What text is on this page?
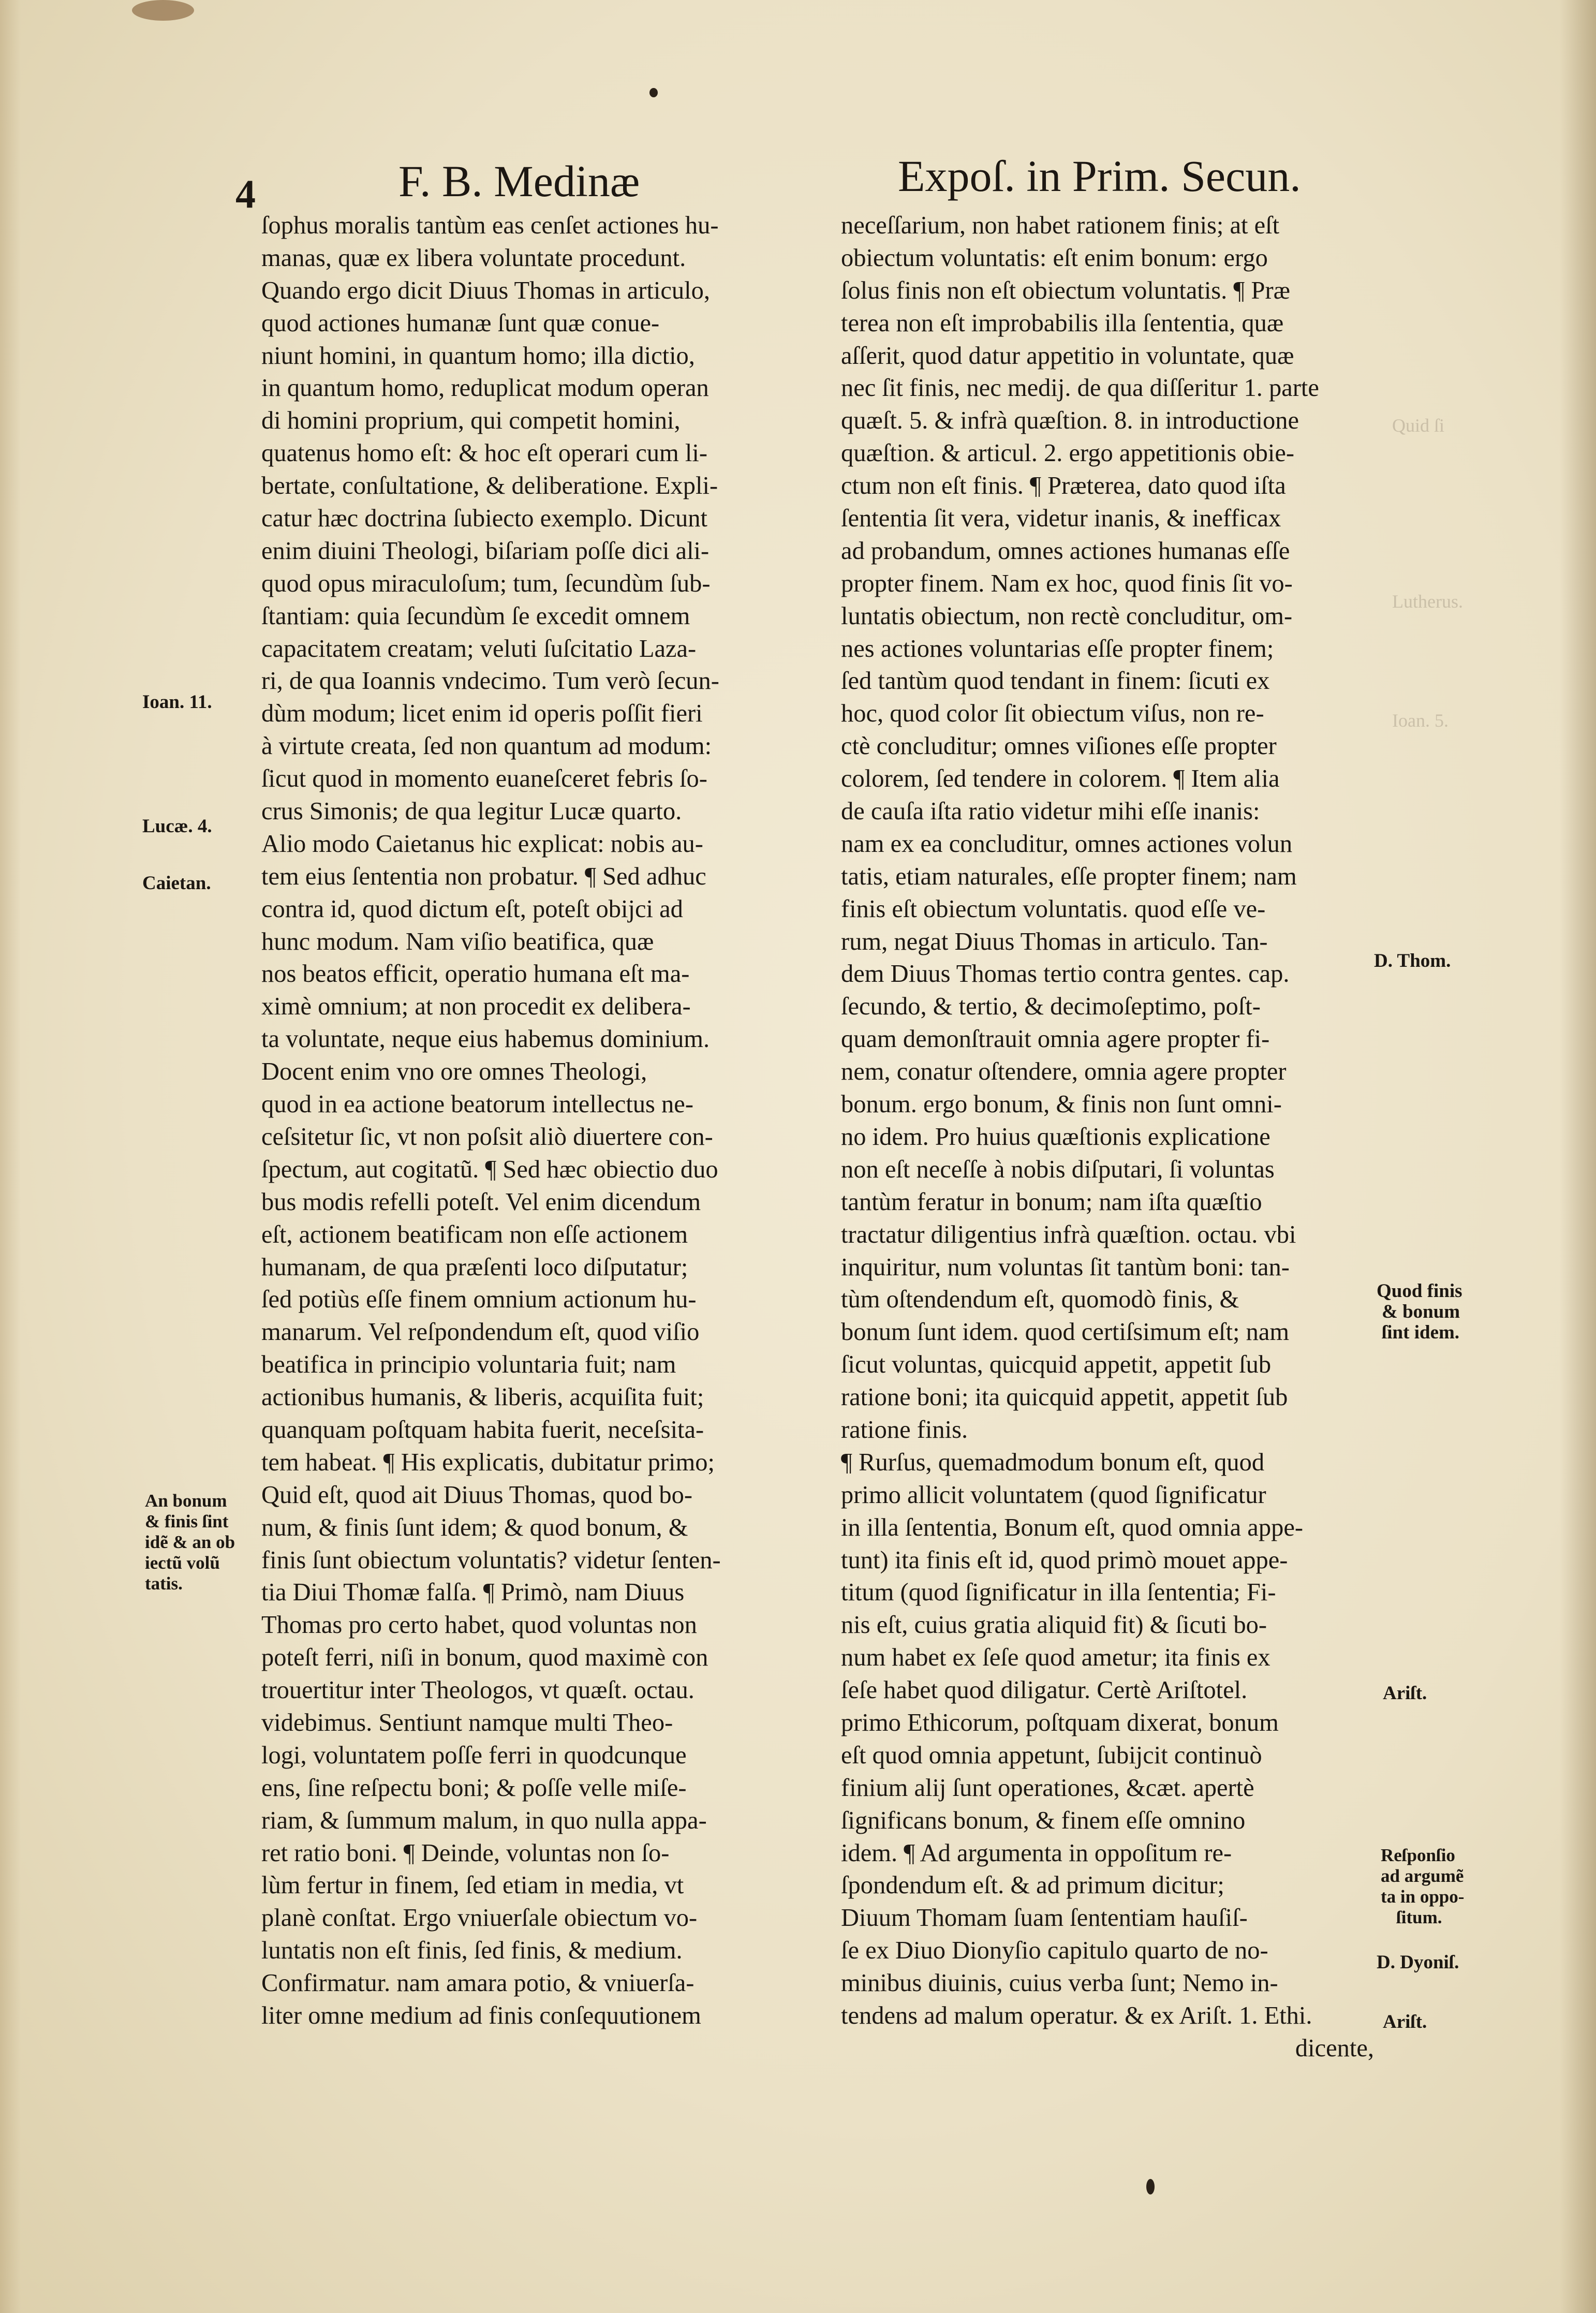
4	F. B. Medinæ	Expoſ. in Prim. Secun.
Quid ſi
Lutherus.
Ioan. 5.
ſophus moralis tantùm eas cenſet actiones hu-
manas, quæ ex libera voluntate procedunt.
Quando ergo dicit Diuus Thomas in articulo,
quod actiones humanæ ſunt quæ conue-
niunt homini, in quantum homo; illa dictio,
in quantum homo, reduplicat modum operan
di homini proprium, qui competit homini,
quatenus homo eſt: & hoc eſt operari cum li-
bertate, conſultatione, & deliberatione. Expli-
catur hæc doctrina ſubiecto exemplo. Dicunt
enim diuini Theologi, biſariam poſſe dici ali-
quod opus miraculoſum; tum, ſecundùm ſub-
ſtantiam: quia ſecundùm ſe excedit omnem
capacitatem creatam; veluti ſuſcitatio Laza-
ri, de qua Ioannis vndecimo. Tum verò ſecun-
dùm modum; licet enim id operis poſſit fieri
à virtute creata, ſed non quantum ad modum:
ſicut quod in momento euaneſceret febris ſo-
crus Simonis; de qua legitur Lucæ quarto.
Alio modo Caietanus hic explicat: nobis au-
tem eius ſententia non probatur. ¶ Sed adhuc
contra id, quod dictum eſt, poteſt obijci ad
hunc modum. Nam viſio beatifica, quæ
nos beatos efficit, operatio humana eſt ma-
ximè omnium; at non procedit ex delibera-
ta voluntate, neque eius habemus dominium.
Docent enim vno ore omnes Theologi,
quod in ea actione beatorum intellectus ne-
ceſsitetur ſic, vt non poſsit aliò diuertere con-
ſpectum, aut cogitatũ. ¶ Sed hæc obiectio duo
bus modis refelli poteſt. Vel enim dicendum
eſt, actionem beatificam non eſſe actionem
humanam, de qua præſenti loco diſputatur;
ſed potiùs eſſe finem omnium actionum hu-
manarum. Vel reſpondendum eſt, quod viſio
beatifica in principio voluntaria fuit; nam
actionibus humanis, & liberis, acquiſita fuit;
quanquam poſtquam habita fuerit, neceſsita-
tem habeat. ¶ His explicatis, dubitatur primo;
Quid eſt, quod ait Diuus Thomas, quod bo-
num, & finis ſunt idem; & quod bonum, &
finis ſunt obiectum voluntatis? videtur ſenten-
tia Diui Thomæ falſa. ¶ Primò, nam Diuus
Thomas pro certo habet, quod voluntas non
poteſt ferri, niſi in bonum, quod maximè con
trouertitur inter Theologos, vt quæſt. octau.
videbimus. Sentiunt namque multi Theo-
logi, voluntatem poſſe ferri in quodcunque
ens, ſine reſpectu boni; & poſſe velle miſe-
riam, & ſummum malum, in quo nulla appa-
ret ratio boni. ¶ Deinde, voluntas non ſo-
lùm fertur in finem, ſed etiam in media, vt
planè conſtat. Ergo vniuerſale obiectum vo-
luntatis non eſt finis, ſed finis, & medium.
Confirmatur. nam amara potio, & vniuerſa-
liter omne medium ad finis conſequutionem
neceſſarium, non habet rationem finis; at eſt
obiectum voluntatis: eſt enim bonum: ergo
ſolus finis non eſt obiectum voluntatis. ¶ Præ
terea non eſt improbabilis illa ſententia, quæ
aſſerit, quod datur appetitio in voluntate, quæ
nec ſit finis, nec medij. de qua diſſeritur 1. parte
quæſt. 5. & infrà quæſtion. 8. in introductione
quæſtion. & articul. 2. ergo appetitionis obie-
ctum non eſt finis. ¶ Præterea, dato quod iſta
ſententia ſit vera, videtur inanis, & inefficax
ad probandum, omnes actiones humanas eſſe
propter finem. Nam ex hoc, quod finis ſit vo-
luntatis obiectum, non rectè concluditur, om-
nes actiones voluntarias eſſe propter finem;
ſed tantùm quod tendant in finem: ſicuti ex
hoc, quod color ſit obiectum viſus, non re-
ctè concluditur; omnes viſiones eſſe propter
colorem, ſed tendere in colorem. ¶ Item alia
de cauſa iſta ratio videtur mihi eſſe inanis:
nam ex ea concluditur, omnes actiones volun
tatis, etiam naturales, eſſe propter finem; nam
finis eſt obiectum voluntatis. quod eſſe ve-
rum, negat Diuus Thomas in articulo. Tan-
dem Diuus Thomas tertio contra gentes. cap.
ſecundo, & tertio, & decimoſeptimo, poſt-
quam demonſtrauit omnia agere propter fi-
nem, conatur oſtendere, omnia agere propter
bonum. ergo bonum, & finis non ſunt omni-
no idem. Pro huius quæſtionis explicatione
non eſt neceſſe à nobis diſputari, ſi voluntas
tantùm feratur in bonum; nam iſta quæſtio
tractatur diligentius infrà quæſtion. octau. vbi
inquiritur, num voluntas ſit tantùm boni: tan-
tùm oſtendendum eſt, quomodò finis, &
bonum ſunt idem. quod certiſsimum eſt; nam
ſicut voluntas, quicquid appetit, appetit ſub
ratione boni; ita quicquid appetit, appetit ſub
ratione finis.
¶ Rurſus, quemadmodum bonum eſt, quod
primo allicit voluntatem (quod ſignificatur
in illa ſententia, Bonum eſt, quod omnia appe-
tunt) ita finis eſt id, quod primò mouet appe-
titum (quod ſignificatur in illa ſententia; Fi-
nis eſt, cuius gratia aliquid fit) & ſicuti bo-
num habet ex ſeſe quod ametur; ita finis ex
ſeſe habet quod diligatur. Certè Ariſtotel.
primo Ethicorum, poſtquam dixerat, bonum
eſt quod omnia appetunt, ſubijcit continuò
finium alij ſunt operationes, &cæt. apertè
ſignificans bonum, & finem eſſe omnino
idem. ¶ Ad argumenta in oppoſitum re-
ſpondendum eſt. & ad primum dicitur;
Diuum Thomam ſuam ſententiam hauſiſ-
ſe ex Diuo Dionyſio capitulo quarto de no-
minibus diuinis, cuius verba ſunt; Nemo in-
tendens ad malum operatur. & ex Ariſt. 1. Ethi.
dicente,
Ioan. 11.
Lucæ. 4.
Caietan.
An bonum
& finis ſint
idẽ & an ob
iectũ volũ
tatis.
D. Thom.
Quod finis
& bonum
ſint idem.
Ariſt.
Reſponſio
ad argumẽ
ta in oppo-
ſitum.
D. Dyoniſ.
Ariſt.
